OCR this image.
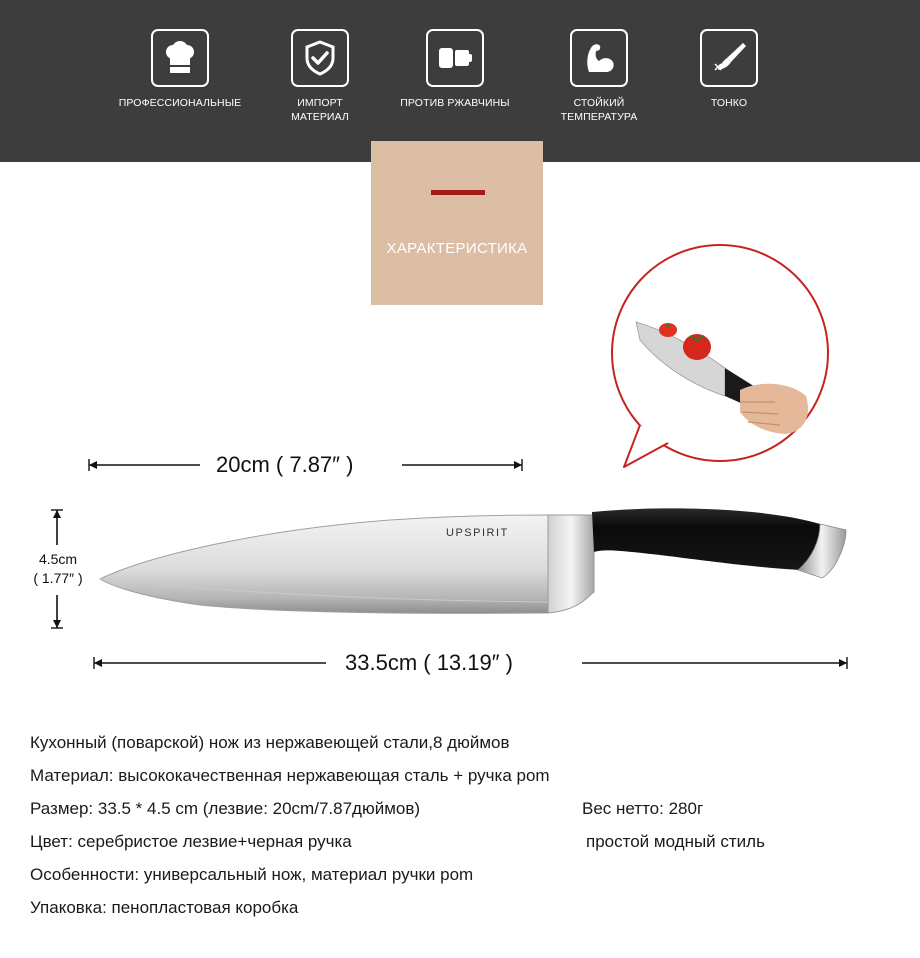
ПРОФЕССИОНАЛЬНЫЕ	ИМПОРТ
МАТЕРИАЛ
ПРОТИВ РЖАВЧИНЫ	СТОЙКИЙ
ТЕМПЕРАТУРА
ТОНКО
ХАРАКТЕРИСТИКА
20cm ( 7.87″ )
33.5cm ( 13.19″ )
4.5cm
( 1.77″ )
UPSPIRIT
Кухонный (поварской) нож из нержавеющей стали,8 дюймов
Материал: высококачественная нержавеющая сталь + ручка pom
Размер: 33.5 * 4.5 cm (лезвие: 20cm/7.87дюймов)	Вес нетто: 280г
Цвет: серебристое лезвие+черная ручка	простой модный стиль
Особенности: универсальный нож, материал ручки pom
Упаковка: пенопластовая коробка
